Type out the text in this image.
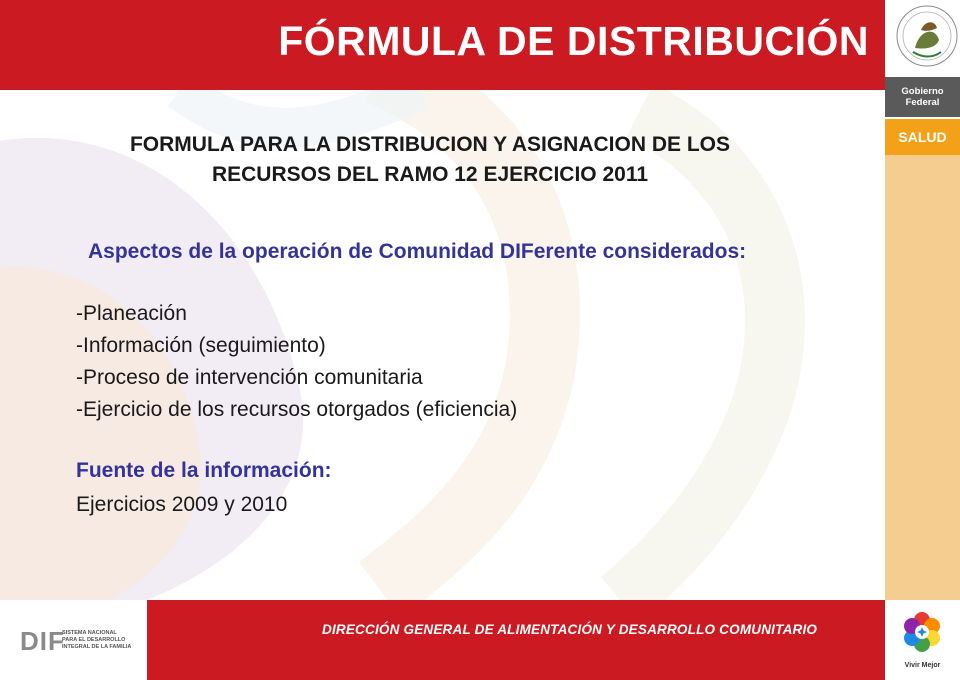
FÓRMULA DE DISTRIBUCIÓN
Gobierno
Federal
SALUD
FORMULA PARA LA DISTRIBUCION Y ASIGNACION DE LOS
RECURSOS DEL RAMO 12 EJERCICIO 2011

Aspectos de la operación de Comunidad DIFerente considerados:

-Planeación
-Información (seguimiento)
-Proceso de intervención comunitaria
-Ejercicio de los recursos otorgados (eficiencia)

Fuente de la información:

Ejercicios 2009 y 2010

DIF
SISTEMA NACIONAL
PARA EL DESARROLLO
INTEGRAL DE LA FAMILIA

DIRECCIÓN GENERAL DE ALIMENTACIÓN Y DESARROLLO COMUNITARIO

Vivir Mejor
